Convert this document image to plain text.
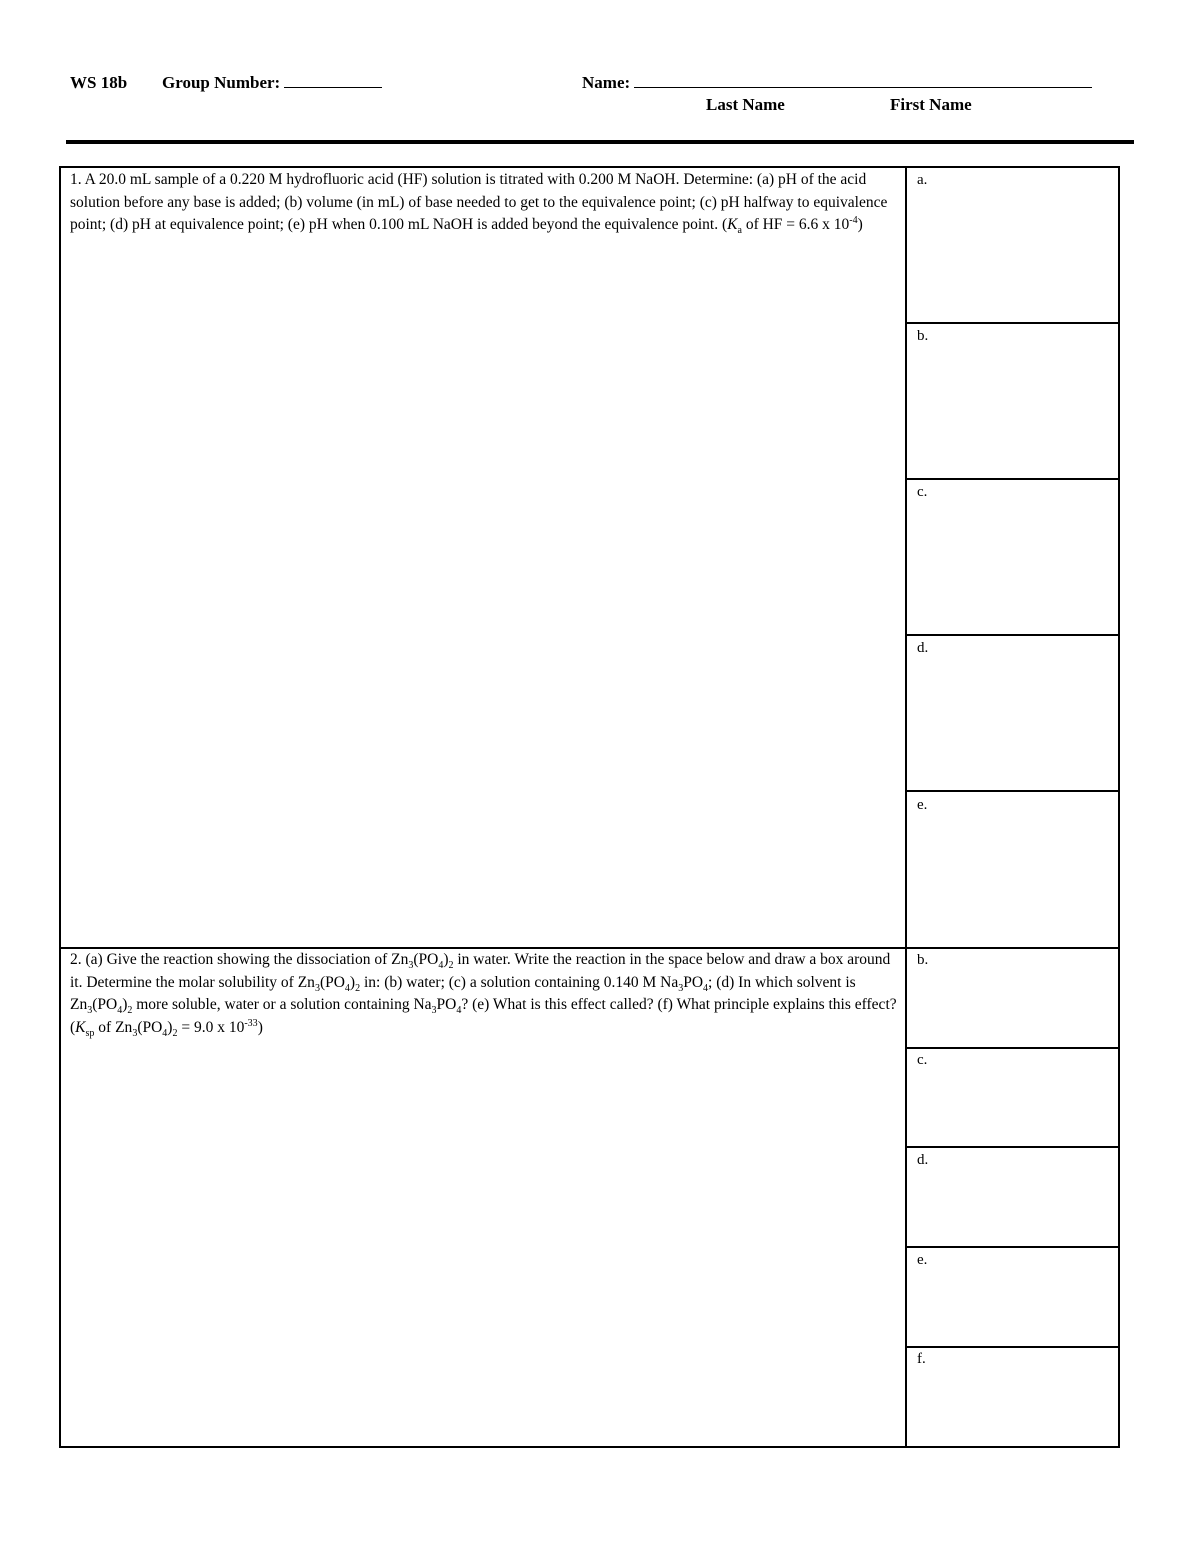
WS 18b Group Number:	Name:
Last Name	First Name
1. A 20.0 mL sample of a 0.220 M hydrofluoric acid (HF) solution is titrated with 0.200 M NaOH. Determine: (a) pH of the acid solution before any base is added; (b) volume (in mL) of base needed to get to the equivalence point; (c) pH halfway to equivalence point; (d) pH at equivalence point; (e) pH when 0.100 mL NaOH is added beyond the equivalence point. ($K_a$ of HF = 6.6 x $10^{-4}$)
a.
b.
c.
d.
e.
2. (a) Give the reaction showing the dissociation of $Zn_3(PO_4)_2$ in water. Write the reaction in the space below and draw a box around it. Determine the molar solubility of $Zn_3(PO_4)_2$ in: (b) water; (c) a solution containing 0.140 M $Na_3PO_4$; (d) In which solvent is $Zn_3(PO_4)_2$ more soluble, water or a solution containing $Na_3PO_4$? (e) What is this effect called? (f) What principle explains this effect? ($K_{sp}$ of $Zn_3(PO_4)_2 = 9.0$ x $10^{-33}$)
b.
c.
d.
e.
f.
